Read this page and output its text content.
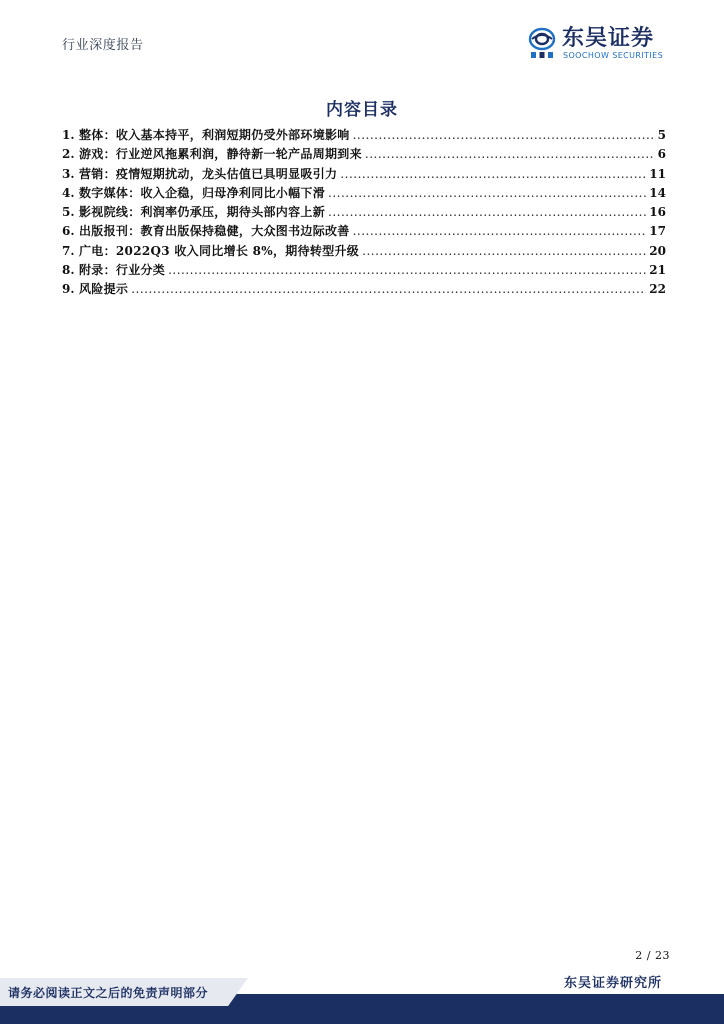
行业深度报告	东吴证券
SOOCHOW SECURITIES
内容目录
1. 整体：收入基本持平，利润短期仍受外部环境影响 .....	5
2. 游戏：行业逆风拖累利润，静待新一轮产品周期到来 .....	6
3. 营销：疫情短期扰动，龙头估值已具明显吸引力 .....	11
4. 数字媒体：收入企稳，归母净利同比小幅下滑 .....	14
5. 影视院线：利润率仍承压，期待头部内容上新 .....	16
6. 出版报刊：教育出版保持稳健，大众图书边际改善 .....	17
7. 广电：2022Q3 收入同比增长 8%，期待转型升级 .....	20
8. 附录：行业分类 .....	21
9. 风险提示 .....	22
2 / 23
东吴证券研究所
请务必阅读正文之后的免责声明部分
